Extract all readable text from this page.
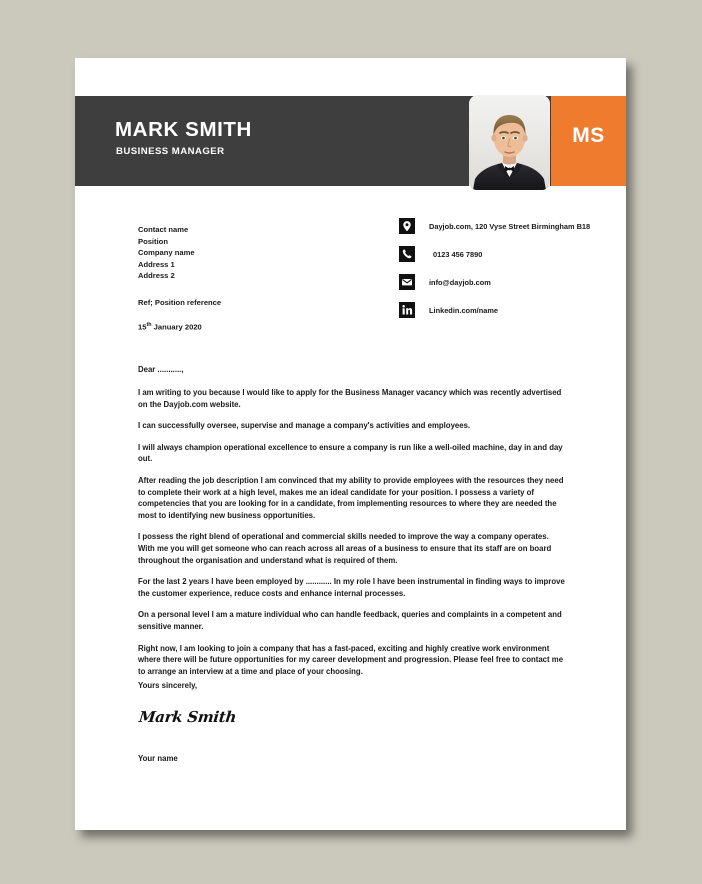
MARK SMITH
BUSINESS MANAGER
MS
Contact name
Position
Company name
Address 1
Address 2
Ref; Position reference
15th January 2020
Dayjob.com, 120 Vyse Street Birmingham B18
0123 456 7890
info@dayjob.com
Linkedin.com/name
Dear ...........,

I am writing to you because I would like to apply for the Business Manager vacancy which was recently advertised on the Dayjob.com website.

I can successfully oversee, supervise and manage a company's activities and employees.

I will always champion operational excellence to ensure a company is run like a well-oiled machine, day in and day out.

After reading the job description I am convinced that my ability to provide employees with the resources they need to complete their work at a high level, makes me an ideal candidate for your position. I possess a variety of competencies that you are looking for in a candidate, from implementing resources to where they are needed the most to identifying new business opportunities.

I possess the right blend of operational and commercial skills needed to improve the way a company operates. With me you will get someone who can reach across all areas of a business to ensure that its staff are on board throughout the organisation and understand what is required of them.

For the last 2 years I have been employed by ............ In my role I have been instrumental in finding ways to improve the customer experience, reduce costs and enhance internal processes.

On a personal level I am a mature individual who can handle feedback, queries and complaints in a competent and sensitive manner.

Right now, I am looking to join a company that has a fast-paced, exciting and highly creative work environment where there will be future opportunities for my career development and progression. Please feel free to contact me to arrange an interview at a time and place of your choosing.

Yours sincerely,
Mark Smith
Your name
